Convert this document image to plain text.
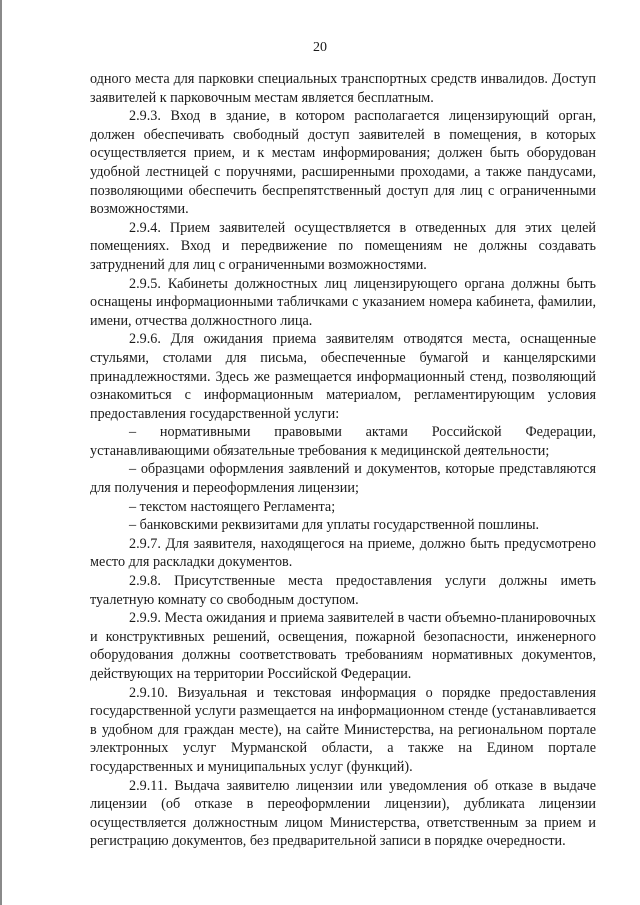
20

одного места для парковки специальных транспортных средств инвалидов. Доступ заявителей к парковочным местам является бесплатным.

2.9.3. Вход в здание, в котором располагается лицензирующий орган, должен обеспечивать свободный доступ заявителей в помещения, в которых осуществляется прием, и к местам информирования; должен быть оборудован удобной лестницей с поручнями, расширенными проходами, а также пандусами, позволяющими обеспечить беспрепятственный доступ для лиц с ограниченными возможностями.

2.9.4. Прием заявителей осуществляется в отведенных для этих целей помещениях. Вход и передвижение по помещениям не должны создавать затруднений для лиц с ограниченными возможностями.

2.9.5. Кабинеты должностных лиц лицензирующего органа должны быть оснащены информационными табличками с указанием номера кабинета, фамилии, имени, отчества должностного лица.

2.9.6. Для ожидания приема заявителям отводятся места, оснащенные стульями, столами для письма, обеспеченные бумагой и канцелярскими принадлежностями. Здесь же размещается информационный стенд, позволяющий ознакомиться с информационным материалом, регламентирующим условия предоставления государственной услуги:

– нормативными правовыми актами Российской Федерации, устанавливающими обязательные требования к медицинской деятельности;

– образцами оформления заявлений и документов, которые представляются для получения и переоформления лицензии;

– текстом настоящего Регламента;

– банковскими реквизитами для уплаты государственной пошлины.

2.9.7. Для заявителя, находящегося на приеме, должно быть предусмотрено место для раскладки документов.

2.9.8. Присутственные места предоставления услуги должны иметь туалетную комнату со свободным доступом.

2.9.9. Места ожидания и приема заявителей в части объемно-планировочных и конструктивных решений, освещения, пожарной безопасности, инженерного оборудования должны соответствовать требованиям нормативных документов, действующих на территории Российской Федерации.

2.9.10. Визуальная и текстовая информация о порядке предоставления государственной услуги размещается на информационном стенде (устанавливается в удобном для граждан месте), на сайте Министерства, на региональном портале электронных услуг Мурманской области, а также на Едином портале государственных и муниципальных услуг (функций).

2.9.11. Выдача заявителю лицензии или уведомления об отказе в выдаче лицензии (об отказе в переоформлении лицензии), дубликата лицензии осуществляется должностным лицом Министерства, ответственным за прием и регистрацию документов, без предварительной записи в порядке очередности.
